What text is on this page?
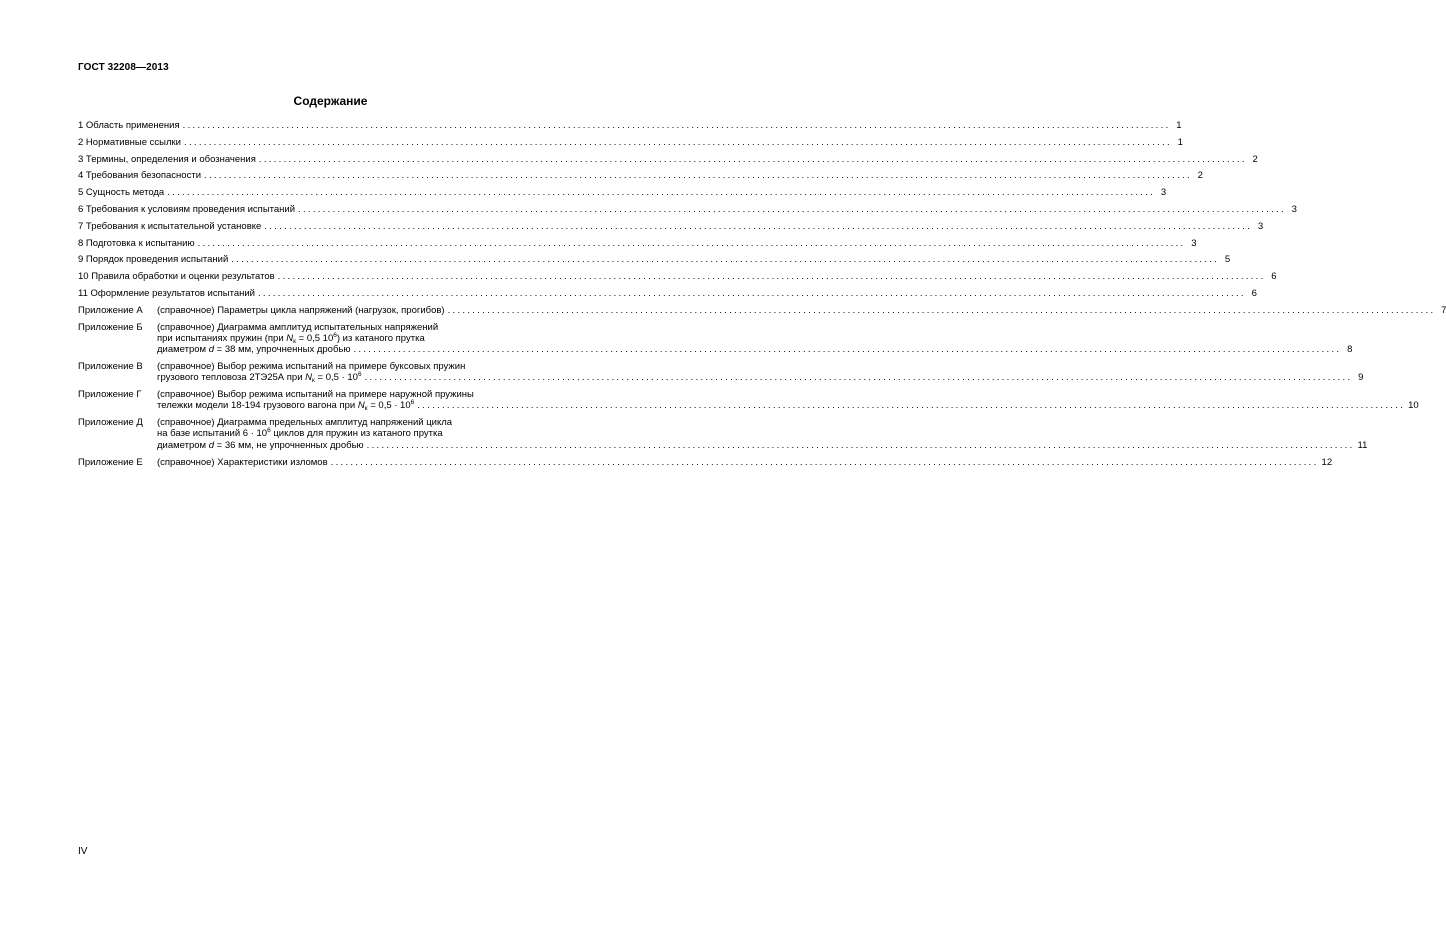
ГОСТ 32208—2013
Содержание
1 Область применения ........................................................................................................................................................................................................ 1
2 Нормативные ссылки ........................................................................................................................................................................................................ 1
3 Термины, определения и обозначения ........................................................................................................................................................................................................ 2
4 Требования безопасности ........................................................................................................................................................................................................ 2
5 Сущность метода ........................................................................................................................................................................................................ 3
6 Требования к условиям проведения испытаний ........................................................................................................................................................................................................ 3
7 Требования к испытательной установке ........................................................................................................................................................................................................ 3
8 Подготовка к испытанию ........................................................................................................................................................................................................ 3
9 Порядок проведения испытаний ........................................................................................................................................................................................................ 5
10 Правила обработки и оценки результатов ........................................................................................................................................................................................................ 6
11 Оформление результатов испытаний ........................................................................................................................................................................................................ 6
Приложение А	(справочное) Параметры цикла напряжений (нагрузок, прогибов) ........................................................................................................................................................................................................ 7
Приложение Б	(справочное) Диаграмма амплитуд испытательных напряжений
при испытаниях пружин (при $N_к = 0,5$ $10^6$) из катаного прутка
диаметром d = 38 мм, упрочненных дробью ........................................................................................................................................................................................................ 8
Приложение В	(справочное) Выбор режима испытаний на примере буксовых пружин
грузового тепловоза 2ТЭ25А при $N_к = 0,5 \cdot 10^6$ ........................................................................................................................................................................................................ 9
Приложение Г	(справочное) Выбор режима испытаний на примере наружной пружины
тележки модели 18-194 грузового вагона при $N_к = 0,5 \cdot 10^6$ ........................................................................................................................................................................................................ 10
Приложение Д	(справочное) Диаграмма предельных амплитуд напряжений цикла
на базе испытаний $6 \cdot 10^6$ циклов для пружин из катаного прутка
диаметром d = 36 мм, не упрочненных дробью ........................................................................................................................................................................................................ 11
Приложение Е	(справочное) Характеристики изломов ........................................................................................................................................................................................................ 12
IV
